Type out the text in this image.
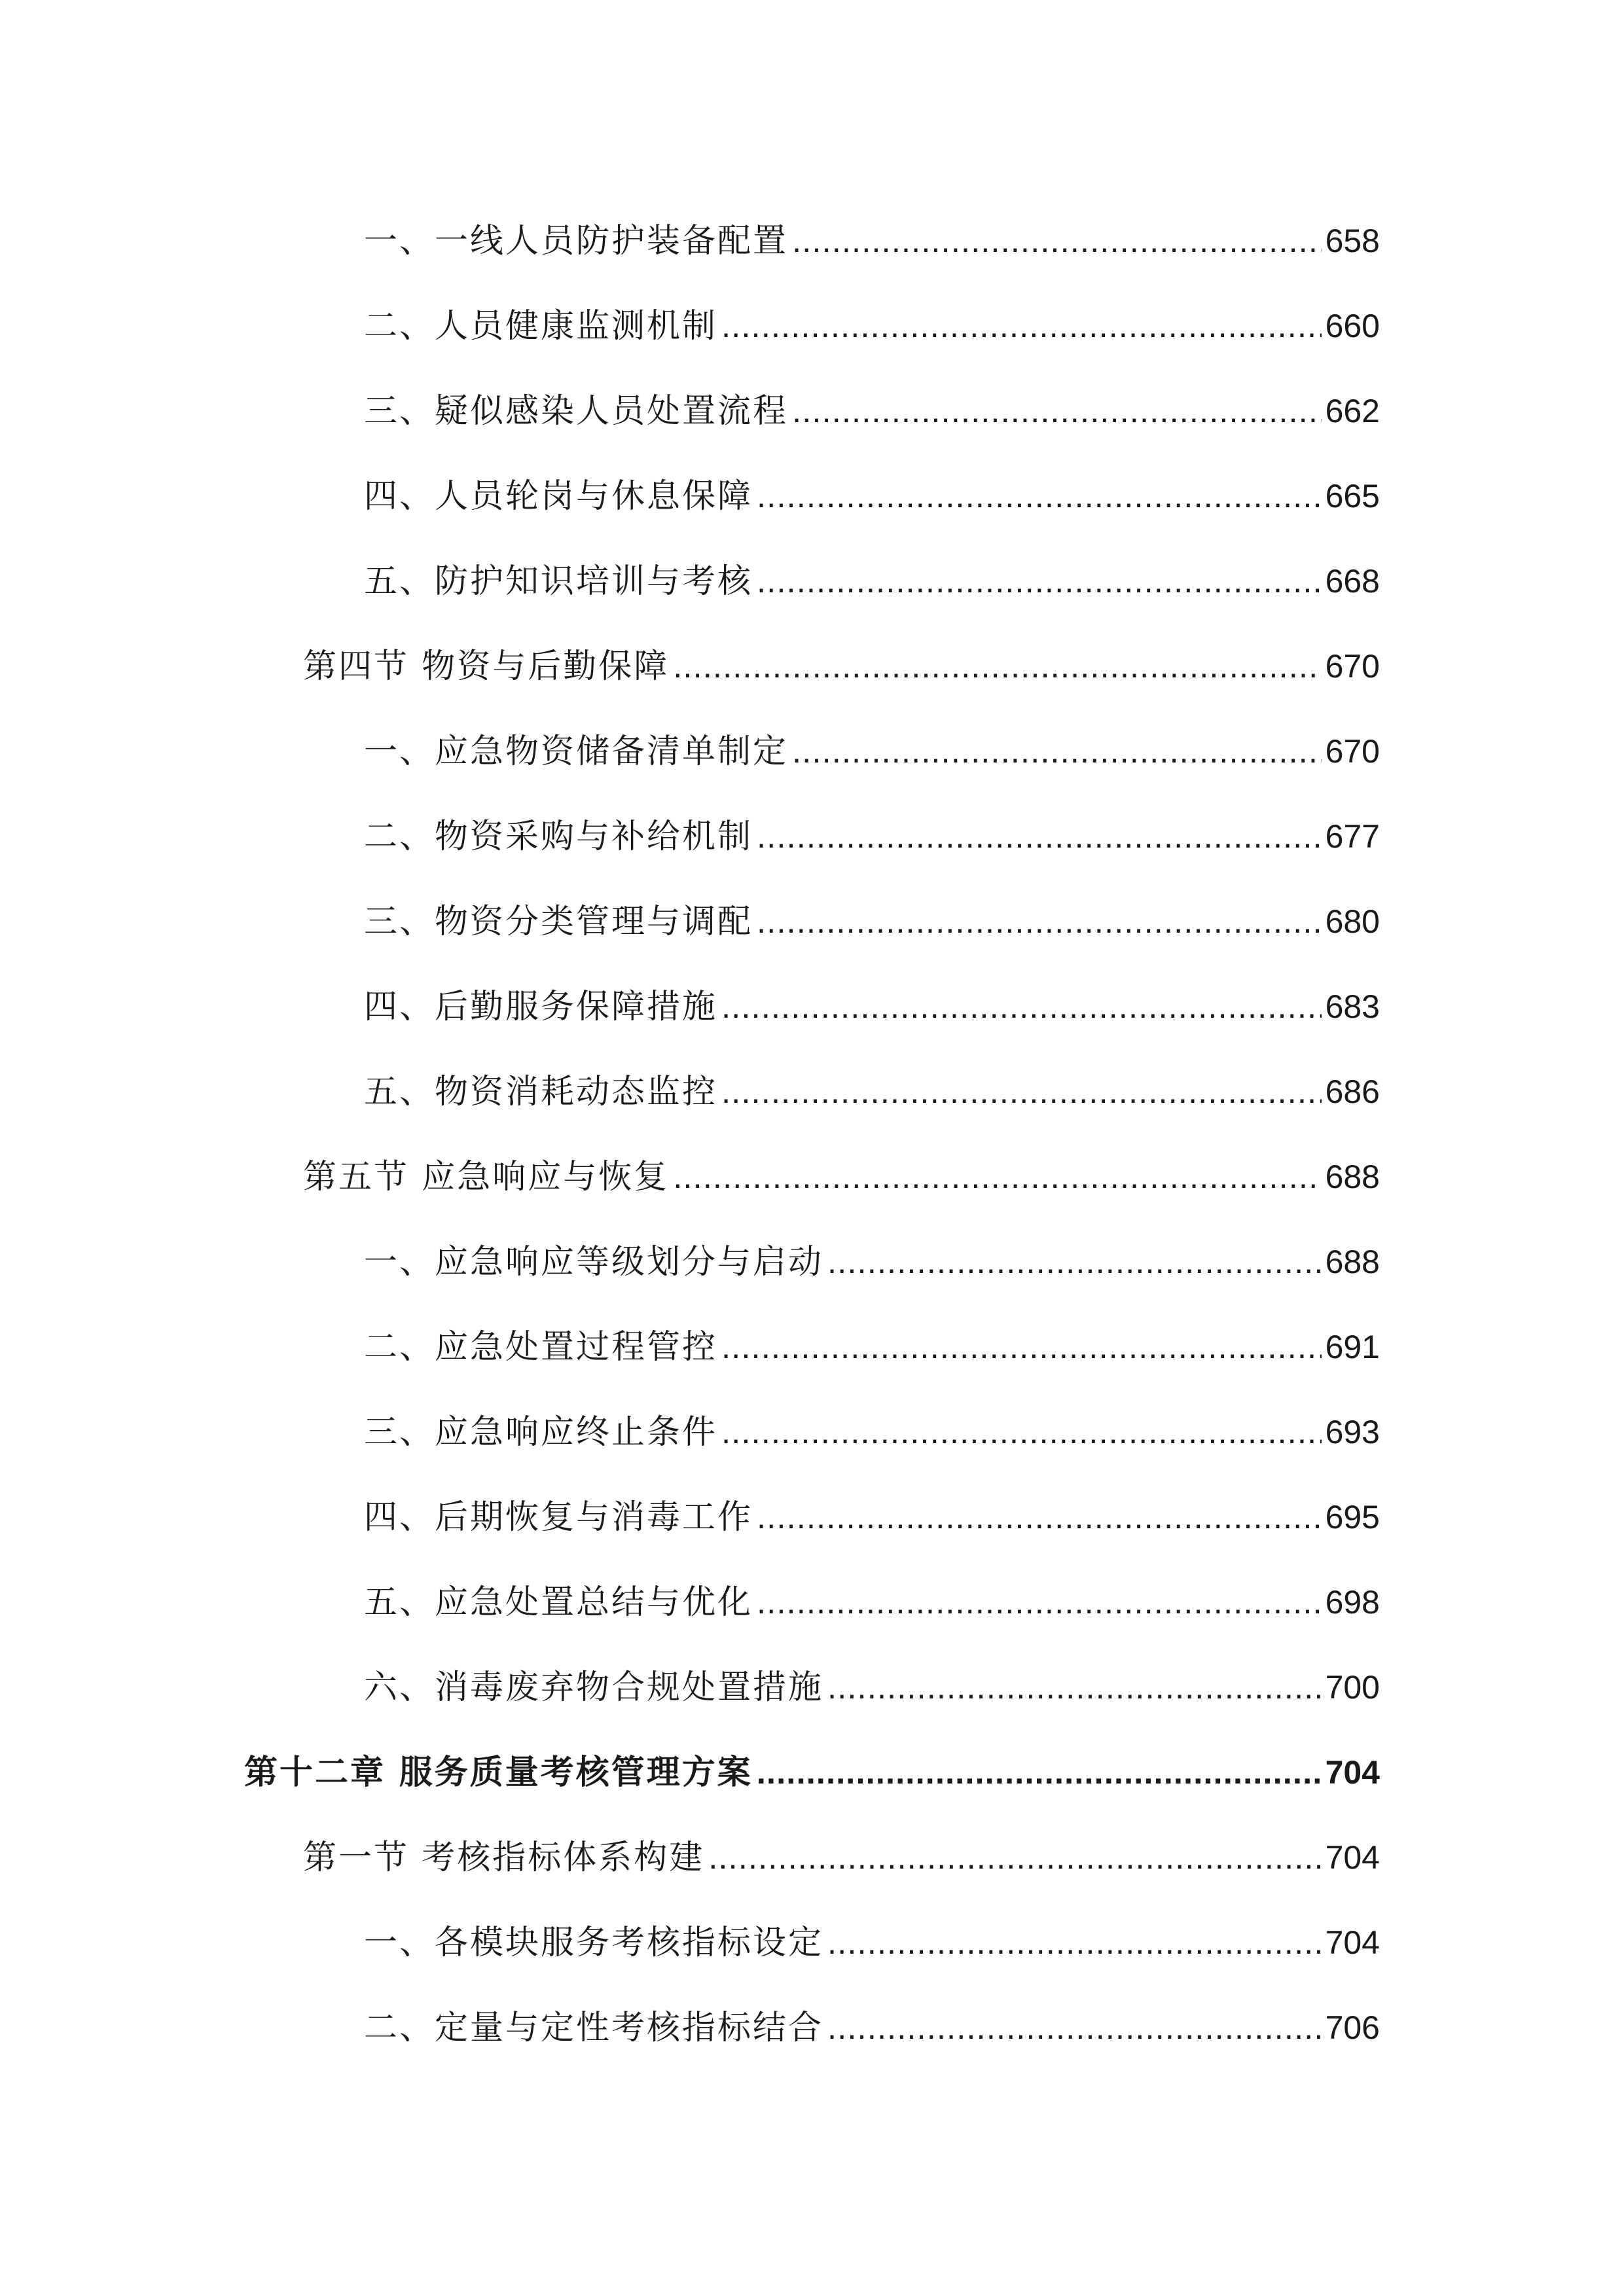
一、一线人员防护装备配置 .....	658
二、人员健康监测机制 .....	660
三、疑似感染人员处置流程 .....	662
四、人员轮岗与休息保障 .....	665
五、防护知识培训与考核 .....	668
第四节 物资与后勤保障 .....	670
一、应急物资储备清单制定 .....	670
二、物资采购与补给机制 .....	677
三、物资分类管理与调配 .....	680
四、后勤服务保障措施 .....	683
五、物资消耗动态监控 .....	686
第五节 应急响应与恢复 .....	688
一、应急响应等级划分与启动 .....	688
二、应急处置过程管控 .....	691
三、应急响应终止条件 .....	693
四、后期恢复与消毒工作 .....	695
五、应急处置总结与优化 .....	698
六、消毒废弃物合规处置措施 .....	700
第十二章 服务质量考核管理方案 .....	704
第一节 考核指标体系构建 .....	704
一、各模块服务考核指标设定 .....	704
二、定量与定性考核指标结合 .....	706
